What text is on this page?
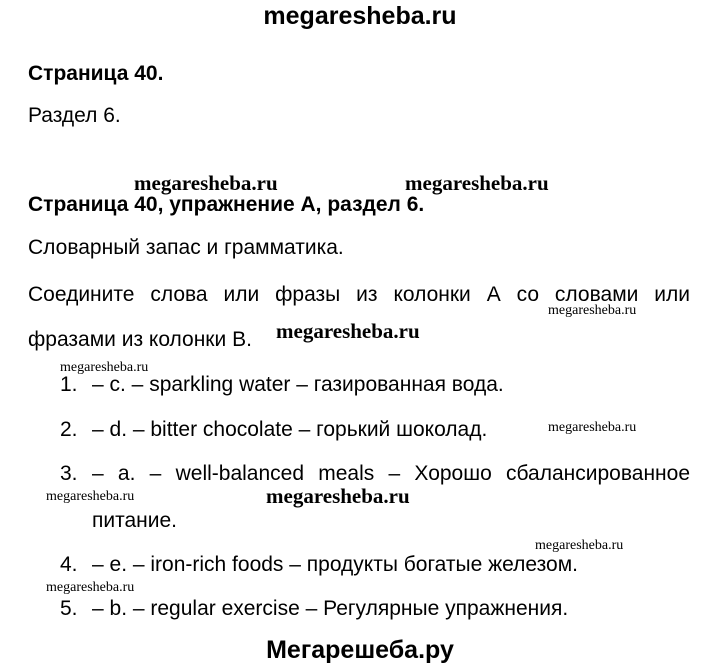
megaresheba.ru
Страница 40.
Раздел 6.
megaresheba.ru	megaresheba.ru
Страница 40, упражнение А, раздел 6.
Словарный запас и грамматика.
Соедините слова или фразы из колонки А со словами или
megaresheba.ru
фразами из колонки В. megaresheba.ru
megaresheba.ru
1. – c. – sparkling water – газированная вода.
2. – d. – bitter chocolate – горький шоколад.	megaresheba.ru
3. – a. – well-balanced meals – Хорошо сбалансированное
megaresheba.ru	megaresheba.ru
питание.
megaresheba.ru
4. – e. – iron-rich foods – продукты богатые железом.
megaresheba.ru
5. – b. – regular exercise – Регулярные упражнения.
Мегарешеба.ру
